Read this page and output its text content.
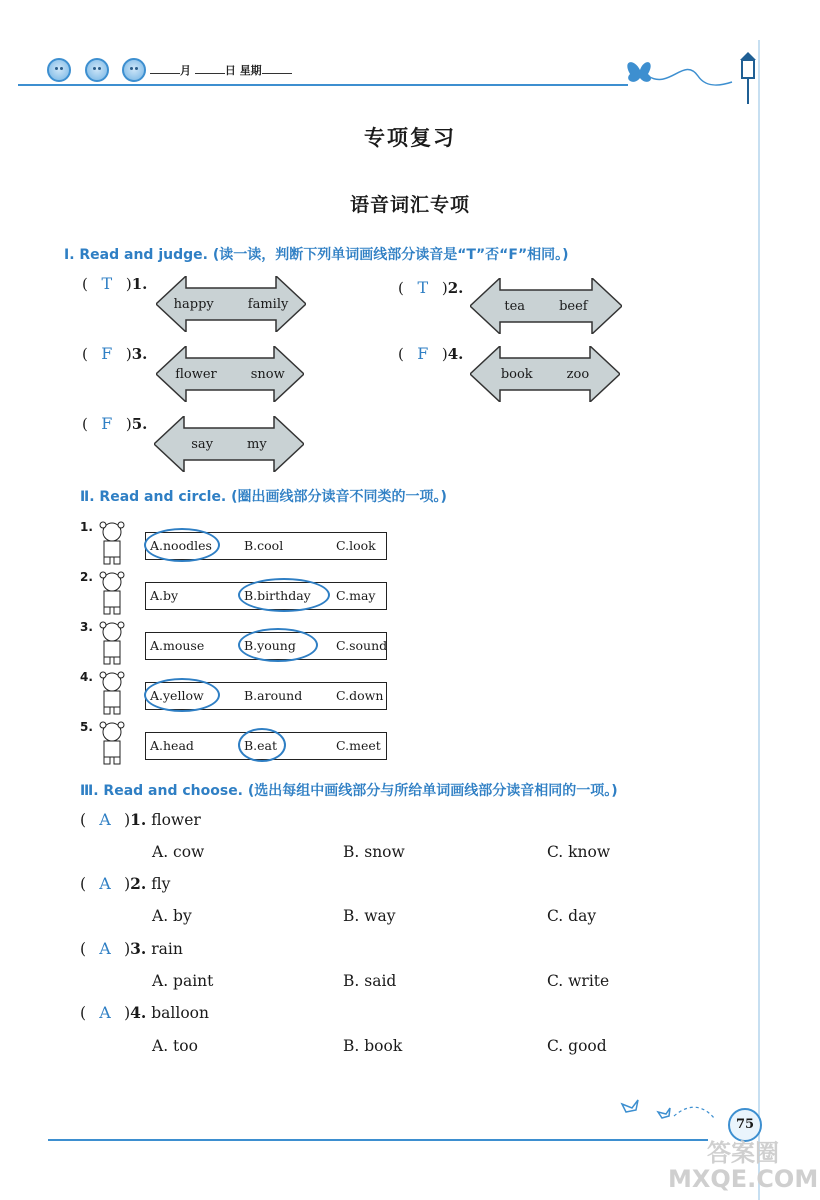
月	日 星期
专项复习
语音词汇专项
Ⅰ. Read and judge. (读一读，判断下列单词画线部分读音是“T”否“F”相同。)
( T )1.
happy	family
( T )2.
tea	beef
( F )3.
flower	snow
( F )4.
book	zoo
( F )5.
say	my
Ⅱ. Read and circle. (圈出画线部分读音不同类的一项。)
1.
A.noodles	B.cool	C.look
2.
A.by	B.birthday C.may
3.
A.mouse	B.young	C.sound
4.
A.yellow	B.around	C.down
5.
A.head	B.eat	C.meet
Ⅲ. Read and choose. (选出每组中画线部分与所给单词画线部分读音相同的一项。)
( A )1. flower
A. cow	B. snow	C. know
( A )2. fly
A. by	B. way	C. day
( A )3. rain
A. paint	B. said	C. write
( A )4. balloon
A. too	B. book	C. good
75
答案圈 MXQE.COM
